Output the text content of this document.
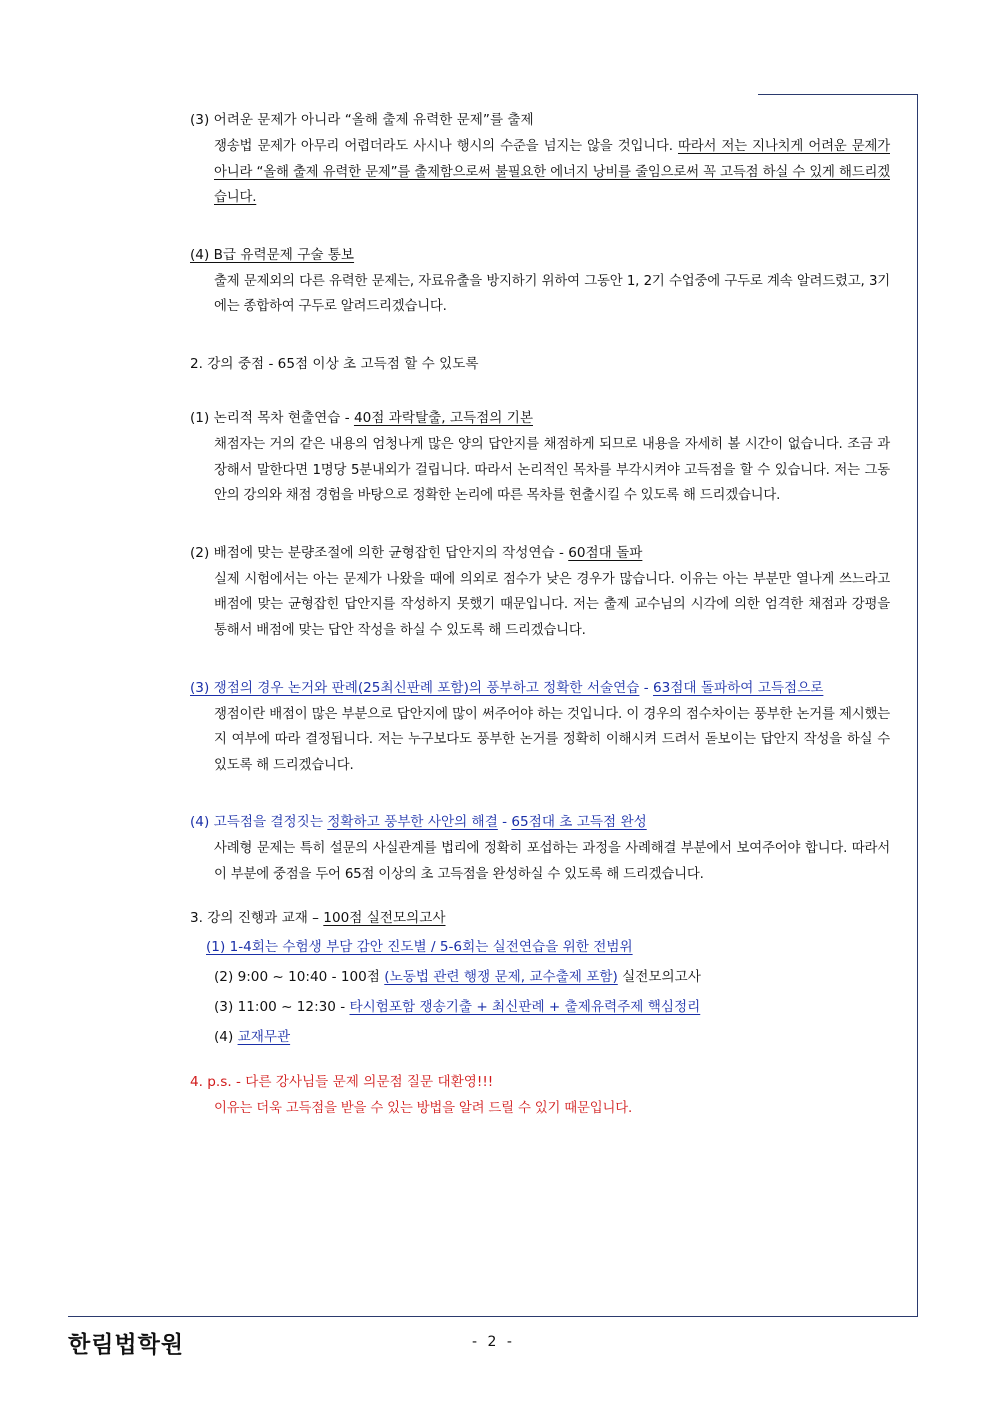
(3) 어려운 문제가 아니라 “올해 출제 유력한 문제”를 출제
쟁송법 문제가 아무리 어렵더라도 사시나 행시의 수준을 넘지는 않을 것입니다. 따라서 저는 지나치게 어려운 문제가 아니라 “올해 출제 유력한 문제”를 출제함으로써 불필요한 에너지 낭비를 줄임으로써 꼭 고득점 하실 수 있게 해드리겠습니다.
(4) B급 유력문제 구술 통보
출제 문제외의 다른 유력한 문제는, 자료유출을 방지하기 위하여 그동안 1, 2기 수업중에 구두로 계속 알려드렸고, 3기에는 종합하여 구두로 알려드리겠습니다.
2. 강의 중점 - 65점 이상 초 고득점 할 수 있도록
(1) 논리적 목차 현출연습 - 40점 과락탈출, 고득점의 기본
채점자는 거의 같은 내용의 엄청나게 많은 양의 답안지를 채점하게 되므로 내용을 자세히 볼 시간이 없습니다. 조금 과장해서 말한다면 1명당 5분내외가 걸립니다. 따라서 논리적인 목차를 부각시켜야 고득점을 할 수 있습니다. 저는 그동안의 강의와 채점 경험을 바탕으로 정확한 논리에 따른 목차를 현출시킬 수 있도록 해 드리겠습니다.
(2) 배점에 맞는 분량조절에 의한 균형잡힌 답안지의 작성연습 - 60점대 돌파
실제 시험에서는 아는 문제가 나왔을 때에 의외로 점수가 낮은 경우가 많습니다. 이유는 아는 부분만 열나게 쓰느라고 배점에 맞는 균형잡힌 답안지를 작성하지 못했기 때문입니다. 저는 출제 교수님의 시각에 의한 엄격한 채점과 강평을 통해서 배점에 맞는 답안 작성을 하실 수 있도록 해 드리겠습니다.
(3) 쟁점의 경우 논거와 판례(25최신판례 포함)의 풍부하고 정확한 서술연습 - 63점대 돌파하여 고득점으로
쟁점이란 배점이 많은 부분으로 답안지에 많이 써주어야 하는 것입니다. 이 경우의 점수차이는 풍부한 논거를 제시했는지 여부에 따라 결정됩니다. 저는 누구보다도 풍부한 논거를 정확히 이해시켜 드려서 돋보이는 답안지 작성을 하실 수 있도록 해 드리겠습니다.
(4) 고득점을 결정짓는 정확하고 풍부한 사안의 해결 - 65점대 초 고득점 완성
사례형 문제는 특히 설문의 사실관계를 법리에 정확히 포섭하는 과정을 사례해결 부분에서 보여주어야 합니다. 따라서 이 부분에 중점을 두어 65점 이상의 초 고득점을 완성하실 수 있도록 해 드리겠습니다.
3. 강의 진행과 교재 – 100점 실전모의고사
(1) 1-4회는 수험생 부담 감안 진도별 / 5-6회는 실전연습을 위한 전범위
(2) 9:00 ~ 10:40 - 100점 (노동법 관련 행쟁 문제, 교수출제 포함) 실전모의고사
(3) 11:00 ~ 12:30 - 타시험포함 쟁송기출 + 최신판례 + 출제유력주제 핵심정리
(4) 교재무관
4. p.s. - 다른 강사님들 문제 의문점 질문 대환영!!!
이유는 더욱 고득점을 받을 수 있는 방법을 알려 드릴 수 있기 때문입니다.
한림법학원	- 2 -
